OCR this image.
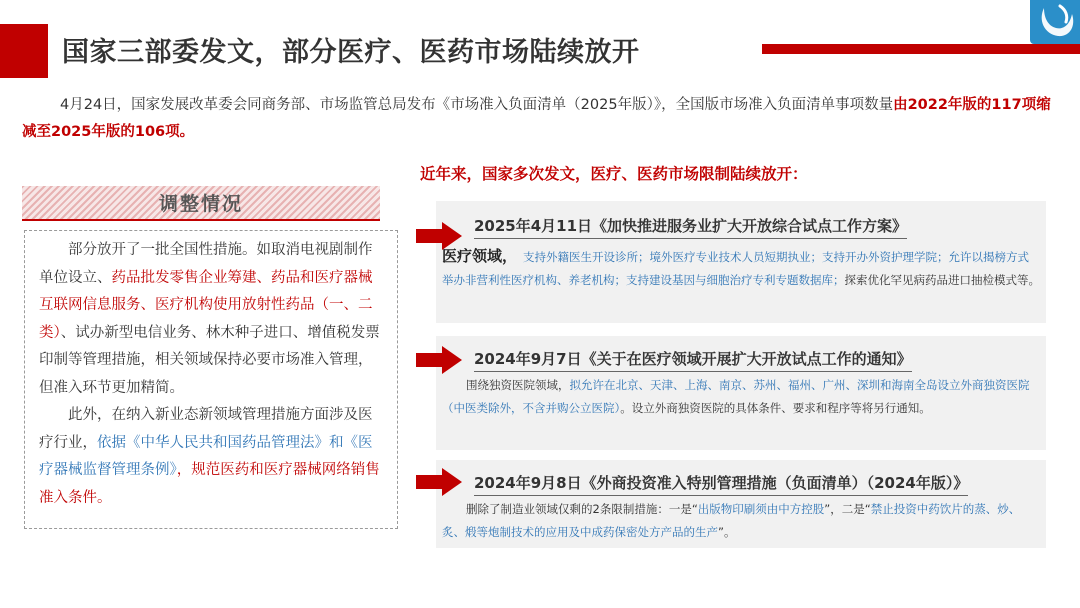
国家三部委发文，部分医疗、医药市场陆续放开
4月24日，国家发展改革委会同商务部、市场监管总局发布《市场准入负面清单（2025年版）》，全国版市场准入负面清单事项数量由2022年版的117项缩减至2025年版的106项。
调整情况

部分放开了一批全国性措施。如取消电视剧制作单位设立、药品批发零售企业筹建、药品和医疗器械互联网信息服务、医疗机构使用放射性药品（一、二类）、试办新型电信业务、林木种子进口、增值税发票印制等管理措施，相关领域保持必要市场准入管理，但准入环节更加精简。

此外，在纳入新业态新领域管理措施方面涉及医疗行业，依据《中华人民共和国药品管理法》和《医疗器械监督管理条例》，规范医药和医疗器械网络销售准入条件。

近年来，国家多次发文，医疗、医药市场限制陆续放开：
2025年4月11日《加快推进服务业扩大开放综合试点工作方案》
医疗领域， 支持外籍医生开设诊所；境外医疗专业技术人员短期执业；支持开办外资护理学院；允许以揭榜方式举办非营利性医疗机构、养老机构；支持建设基因与细胞治疗专利专题数据库；探索优化罕见病药品进口抽检模式等。
2024年9月7日《关于在医疗领域开展扩大开放试点工作的通知》
围绕独资医院领域，拟允许在北京、天津、上海、南京、苏州、福州、广州、深圳和海南全岛设立外商独资医院（中医类除外，不含并购公立医院）。设立外商独资医院的具体条件、要求和程序等将另行通知。
2024年9月8日《外商投资准入特别管理措施（负面清单）（2024年版）》
删除了制造业领域仅剩的2条限制措施：一是“出版物印刷须由中方控股”，二是“禁止投资中药饮片的蒸、炒、炙、煅等炮制技术的应用及中成药保密处方产品的生产”。
